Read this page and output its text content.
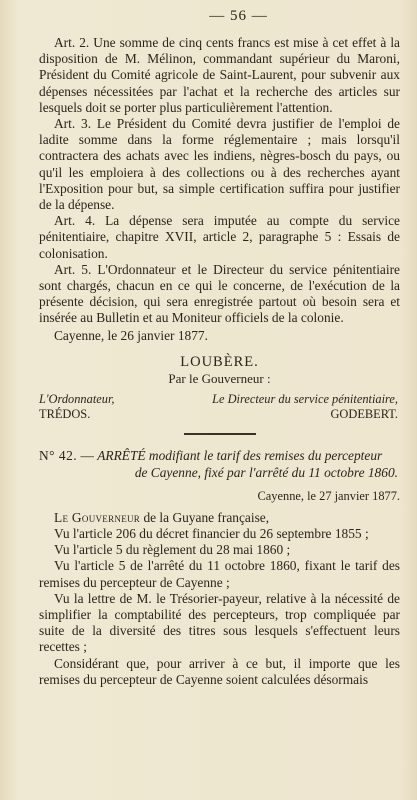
— 56 —

Art. 2. Une somme de cinq cents francs est mise à cet effet à la disposition de M. Mélinon, commandant supérieur du Maroni, Président du Comité agricole de Saint-Laurent, pour subvenir aux dépenses nécessitées par l'achat et la recherche des articles sur lesquels doit se porter plus particulièrement l'attention.

Art. 3. Le Président du Comité devra justifier de l'emploi de ladite somme dans la forme réglementaire ; mais lorsqu'il contractera des achats avec les indiens, nègres-bosch du pays, ou qu'il les emploiera à des collections ou à des recherches ayant l'Exposition pour but, sa simple certification suffira pour justifier de la dépense.

Art. 4. La dépense sera imputée au compte du service pénitentiaire, chapitre XVII, article 2, paragraphe 5 : Essais de colonisation.

Art. 5. L'Ordonnateur et le Directeur du service pénitentiaire sont chargés, chacun en ce qui le concerne, de l'exécution de la présente décision, qui sera enregistrée partout où besoin sera et insérée au Bulletin et au Moniteur officiels de la colonie.

Cayenne, le 26 janvier 1877.

LOUBÈRE.
Par le Gouverneur :
L'Ordonnateur,
TRÉDOS.
Le Directeur du service pénitentiaire,
GODEBERT.
N° 42. — ARRÊTÉ modifiant le tarif des remises du percepteur
de Cayenne, fixé par l'arrêté du 11 octobre 1860.
Cayenne, le 27 janvier 1877.

Le Gouverneur de la Guyane française,

Vu l'article 206 du décret financier du 26 septembre 1855 ;

Vu l'article 5 du règlement du 28 mai 1860 ;

Vu l'article 5 de l'arrêté du 11 octobre 1860, fixant le tarif des remises du percepteur de Cayenne ;

Vu la lettre de M. le Trésorier-payeur, relative à la nécessité de simplifier la comptabilité des percepteurs, trop compliquée par suite de la diversité des titres sous lesquels s'effectuent leurs recettes ;

Considérant que, pour arriver à ce but, il importe que les remises du percepteur de Cayenne soient calculées désormais
